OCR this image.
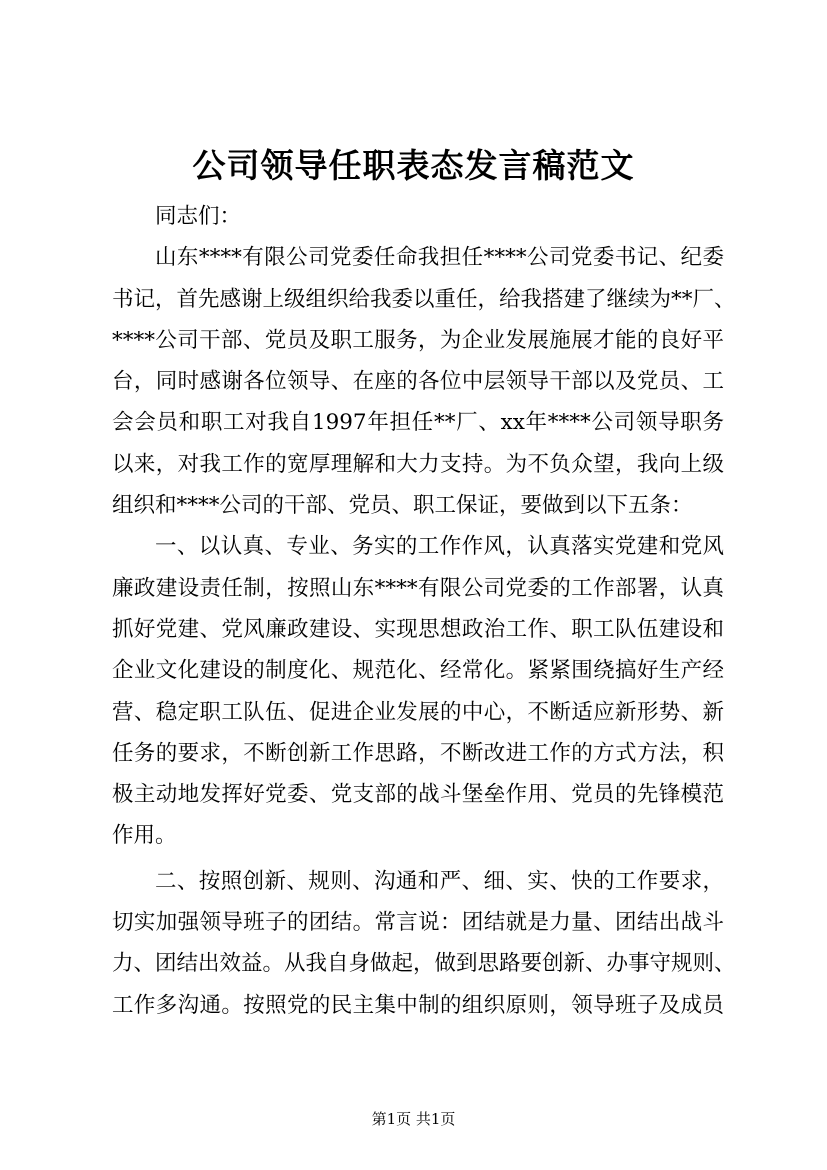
公司领导任职表态发言稿范文
同志们：
山东****有限公司党委任命我担任****公司党委书记、纪委
书记，首先感谢上级组织给我委以重任，给我搭建了继续为**厂、
****公司干部、党员及职工服务，为企业发展施展才能的良好平
台，同时感谢各位领导、在座的各位中层领导干部以及党员、工
会会员和职工对我自1997年担任**厂、xx年****公司领导职务
以来，对我工作的宽厚理解和大力支持。为不负众望，我向上级
组织和****公司的干部、党员、职工保证，要做到以下五条：
一、以认真、专业、务实的工作作风，认真落实党建和党风
廉政建设责任制，按照山东****有限公司党委的工作部署，认真
抓好党建、党风廉政建设、实现思想政治工作、职工队伍建设和
企业文化建设的制度化、规范化、经常化。紧紧围绕搞好生产经
营、稳定职工队伍、促进企业发展的中心，不断适应新形势、新
任务的要求，不断创新工作思路，不断改进工作的方式方法，积
极主动地发挥好党委、党支部的战斗堡垒作用、党员的先锋模范
作用。
二、按照创新、规则、沟通和严、细、实、快的工作要求，
切实加强领导班子的团结。常言说：团结就是力量、团结出战斗
力、团结出效益。从我自身做起，做到思路要创新、办事守规则、
工作多沟通。按照党的民主集中制的组织原则，领导班子及成员
第1页 共1页
